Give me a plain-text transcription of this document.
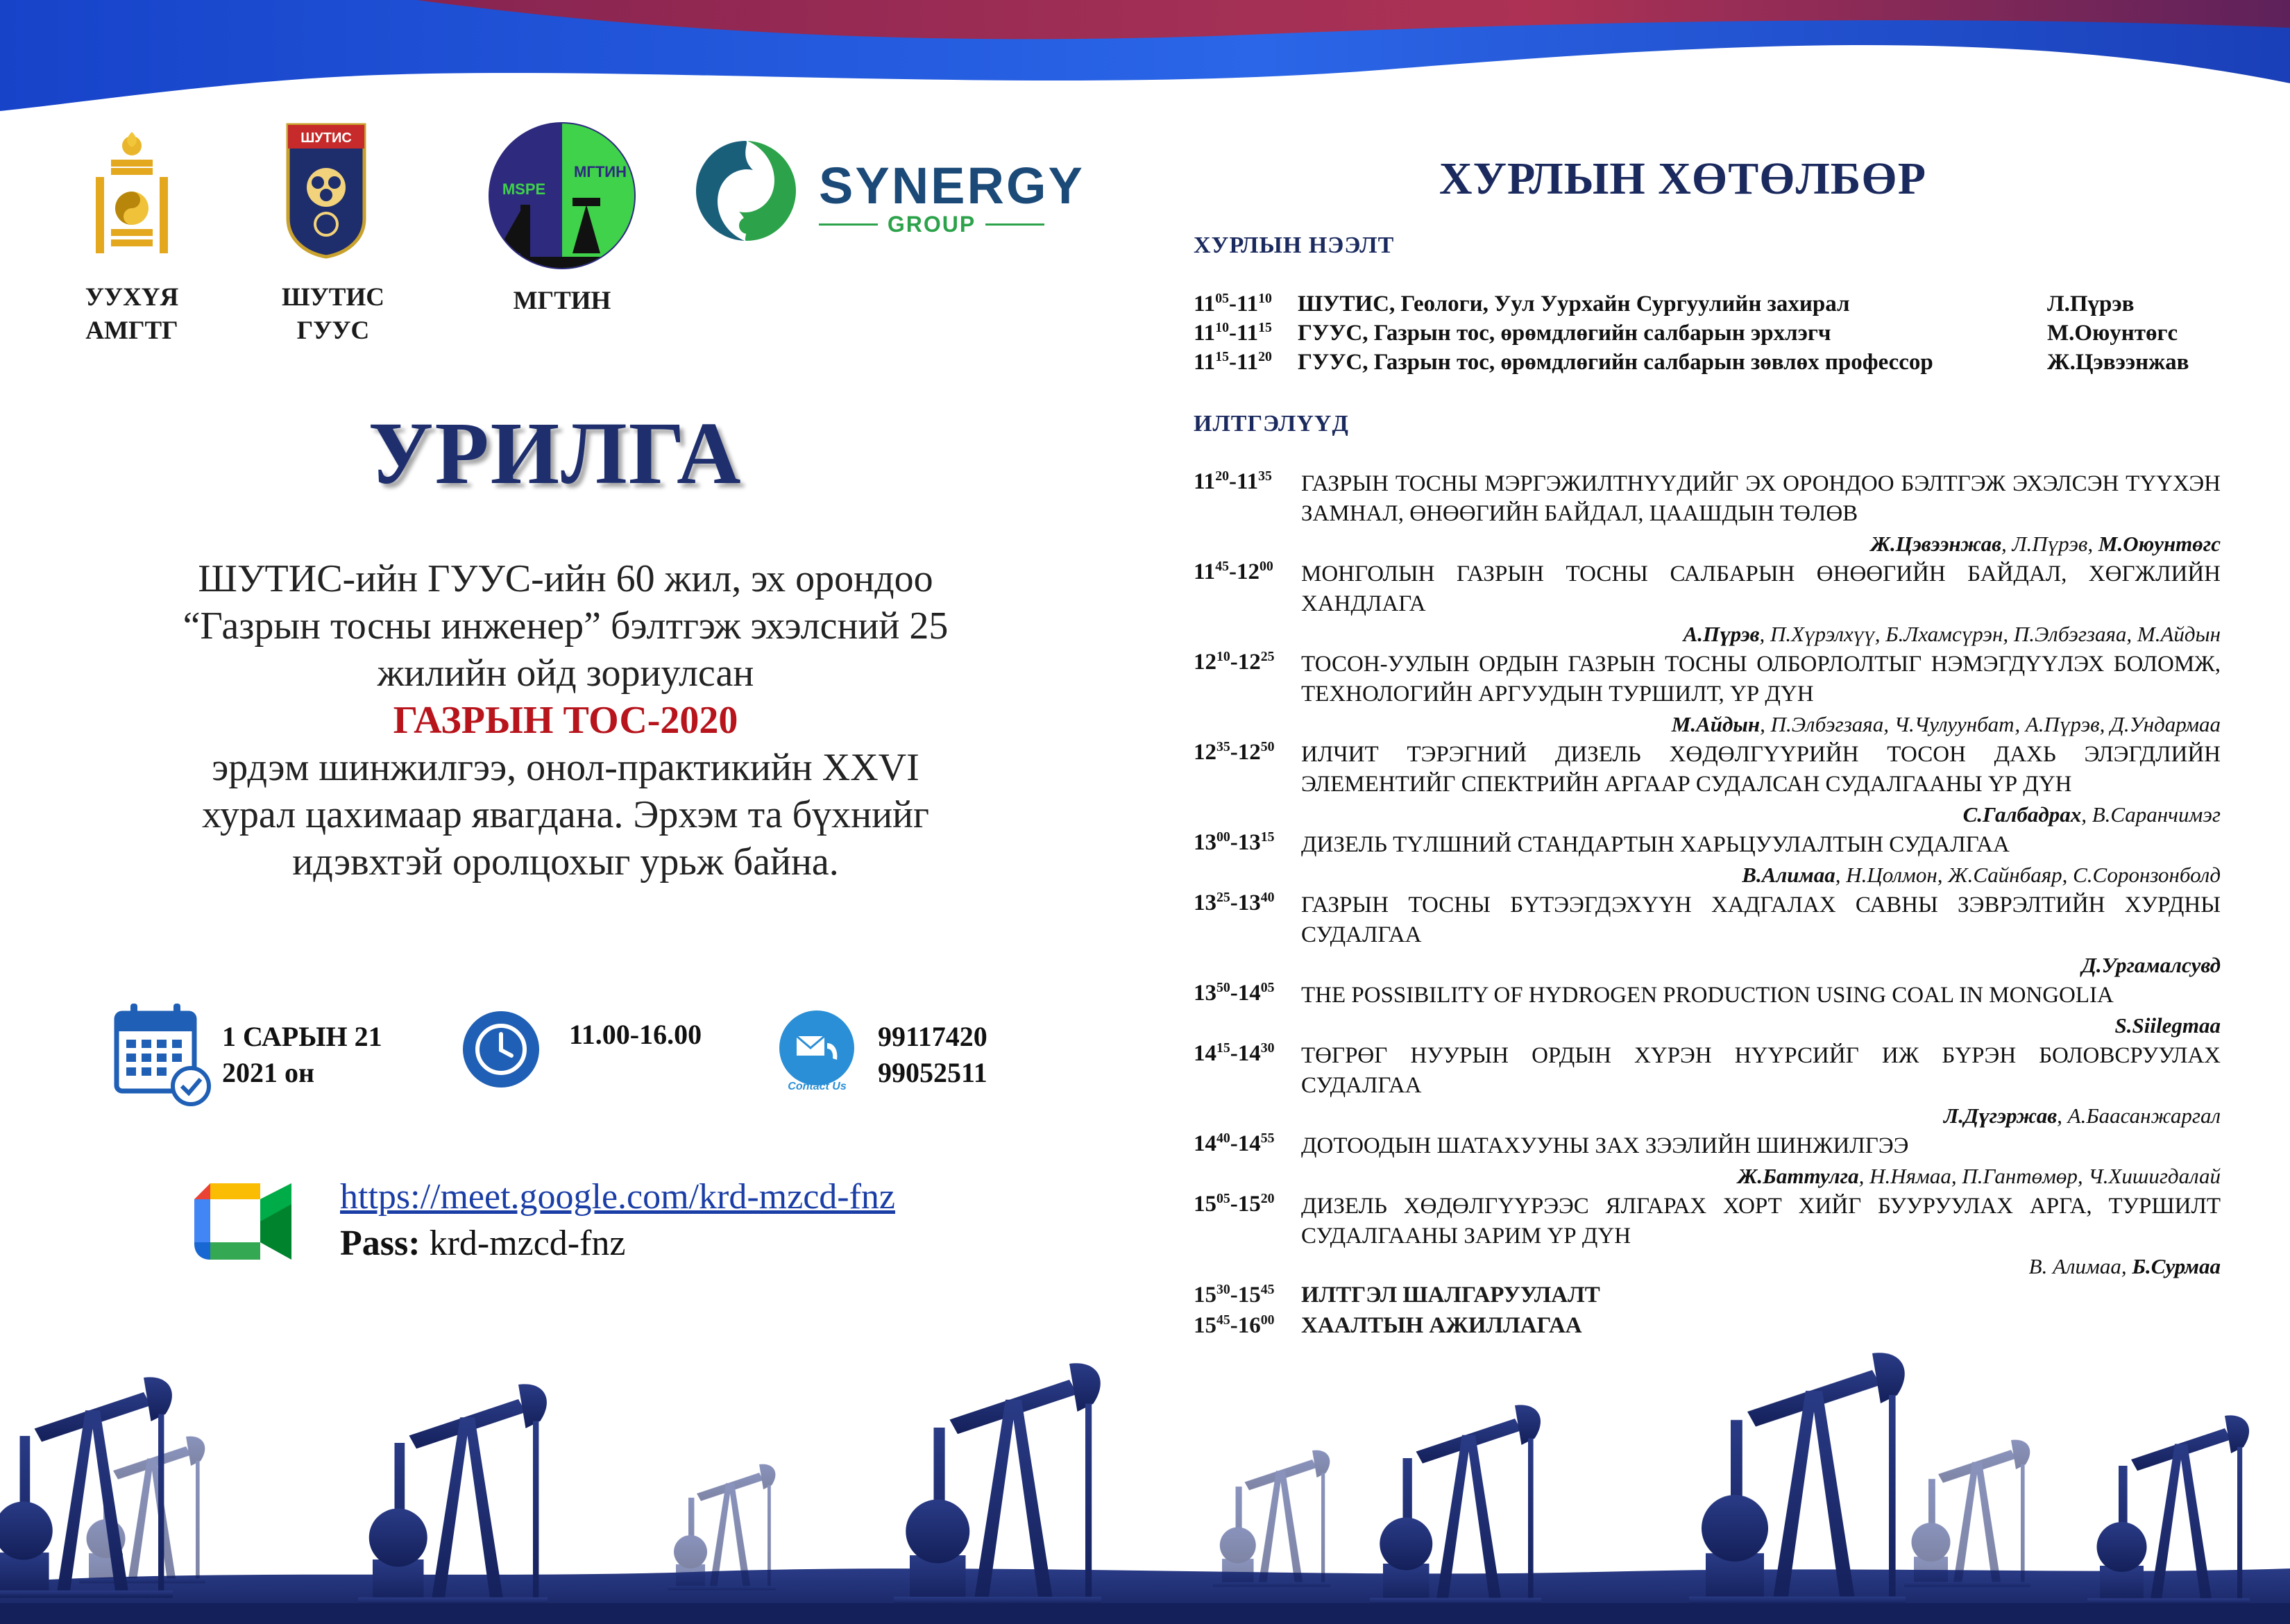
ШУТИС
MSPE
МГТИН	SYNERGY
GROUP
УУХҮЯ
АМГТГ
ШУТИС
ГУУС
МГТИН
УРИЛГА
ШУТИС-ийн ГУУС-ийн 60 жил, эх орондоо
“Газрын тосны инженер” бэлтгэж эхэлсний 25
жилийн ойд зориулсан
ГАЗРЫН ТОС-2020
эрдэм шинжилгээ, онол-практикийн XXVI
хурал цахимаар явагдана. Эрхэм та бүхнийг
идэвхтэй оролцохыг урьж байна.
1 САРЫН 21
2021 он
11.00-16.00
Contact Us
99117420
99052511
https://meet.google.com/krd-mzcd-fnz
Pass: krd-mzcd-fnz
ХУРЛЫН ХӨТӨЛБӨР
ХУРЛЫН НЭЭЛТ
$11^{05}-11^{10}$	ШУТИС, Геологи, Уул Уурхайн Сургуулийн захирал	Л.Пүрэв
$11^{10}-11^{15}$	ГУУС, Газрын тос, өрөмдлөгийн салбарын эрхлэгч	М.Оюунтөгс
$11^{15}-11^{20}$	ГУУС, Газрын тос, өрөмдлөгийн салбарын зөвлөх профессор	Ж.Цэвээнжав
ИЛТГЭЛҮҮД
$11^{20}-11^{35}$	ГАЗРЫН ТОСНЫ МЭРГЭЖИЛТНҮҮДИЙГ ЭХ ОРОНДОО БЭЛТГЭЖ ЭХЭЛСЭН ТҮҮХЭН ЗАМНАЛ, ӨНӨӨГИЙН БАЙДАЛ, ЦААШДЫН ТӨЛӨВ
Ж.Цэвээнжав, Л.Пүрэв, М.Оюунтөгс
$11^{45}-12^{00}$	МОНГОЛЫН ГАЗРЫН ТОСНЫ САЛБАРЫН ӨНӨӨГИЙН БАЙДАЛ, ХӨГЖЛИЙН ХАНДЛАГА
А.Пүрэв, П.Хүрэлхүү, Б.Лхамсүрэн, П.Элбэгзаяа, М.Айдын
$12^{10}-12^{25}$	ТОСОН-УУЛЫН ОРДЫН ГАЗРЫН ТОСНЫ ОЛБОРЛОЛТЫГ НЭМЭГДҮҮЛЭХ БОЛОМЖ, ТЕХНОЛОГИЙН АРГУУДЫН ТУРШИЛТ, ҮР ДҮН
М.Айдын, П.Элбэгзаяа, Ч.Чулуунбат, А.Пүрэв, Д.Ундармаа
$12^{35}-12^{50}$	ИЛЧИТ ТЭРЭГНИЙ ДИЗЕЛЬ ХӨДӨЛГҮҮРИЙН ТОСОН ДАХЬ ЭЛЭГДЛИЙН ЭЛЕМЕНТИЙГ СПЕКТРИЙН АРГААР СУДАЛСАН СУДАЛГААНЫ ҮР ДҮН
С.Галбадрах, В.Саранчимэг
$13^{00}-13^{15}$	ДИЗЕЛЬ ТҮЛШНИЙ СТАНДАРТЫН ХАРЬЦУУЛАЛТЫН СУДАЛГАА
В.Алимаа, Н.Цолмон, Ж.Сайнбаяр, С.Соронзонболд
$13^{25}-13^{40}$	ГАЗРЫН ТОСНЫ БҮТЭЭГДЭХҮҮН ХАДГАЛАХ САВНЫ ЗЭВРЭЛТИЙН ХУРДНЫ СУДАЛГАА
Д.Ургамалсувд
$13^{50}-14^{05}$	THE POSSIBILITY OF HYDROGEN PRODUCTION USING COAL IN MONGOLIA
S.Siilegmaa
$14^{15}-14^{30}$	ТӨГРӨГ НУУРЫН ОРДЫН ХҮРЭН НҮҮРСИЙГ ИЖ БҮРЭН БОЛОВСРУУЛАХ СУДАЛГАА
Л.Дүгэржав, А.Баасанжаргал
$14^{40}-14^{55}$	ДОТООДЫН ШАТАХУУНЫ ЗАХ ЗЭЭЛИЙН ШИНЖИЛГЭЭ
Ж.Баттулга, Н.Нямаа, П.Гантөмөр, Ч.Хишигдалай
$15^{05}-15^{20}$	ДИЗЕЛЬ ХӨДӨЛГҮҮРЭЭС ЯЛГАРАХ ХОРТ ХИЙГ БУУРУУЛАХ АРГА, ТУРШИЛТ СУДАЛГААНЫ ЗАРИМ ҮР ДҮН
В. Алимаа, Б.Сурмаа
$15^{30}-15^{45}$	ИЛТГЭЛ ШАЛГАРУУЛАЛТ
$15^{45}-16^{00}$	ХААЛТЫН АЖИЛЛАГАА
